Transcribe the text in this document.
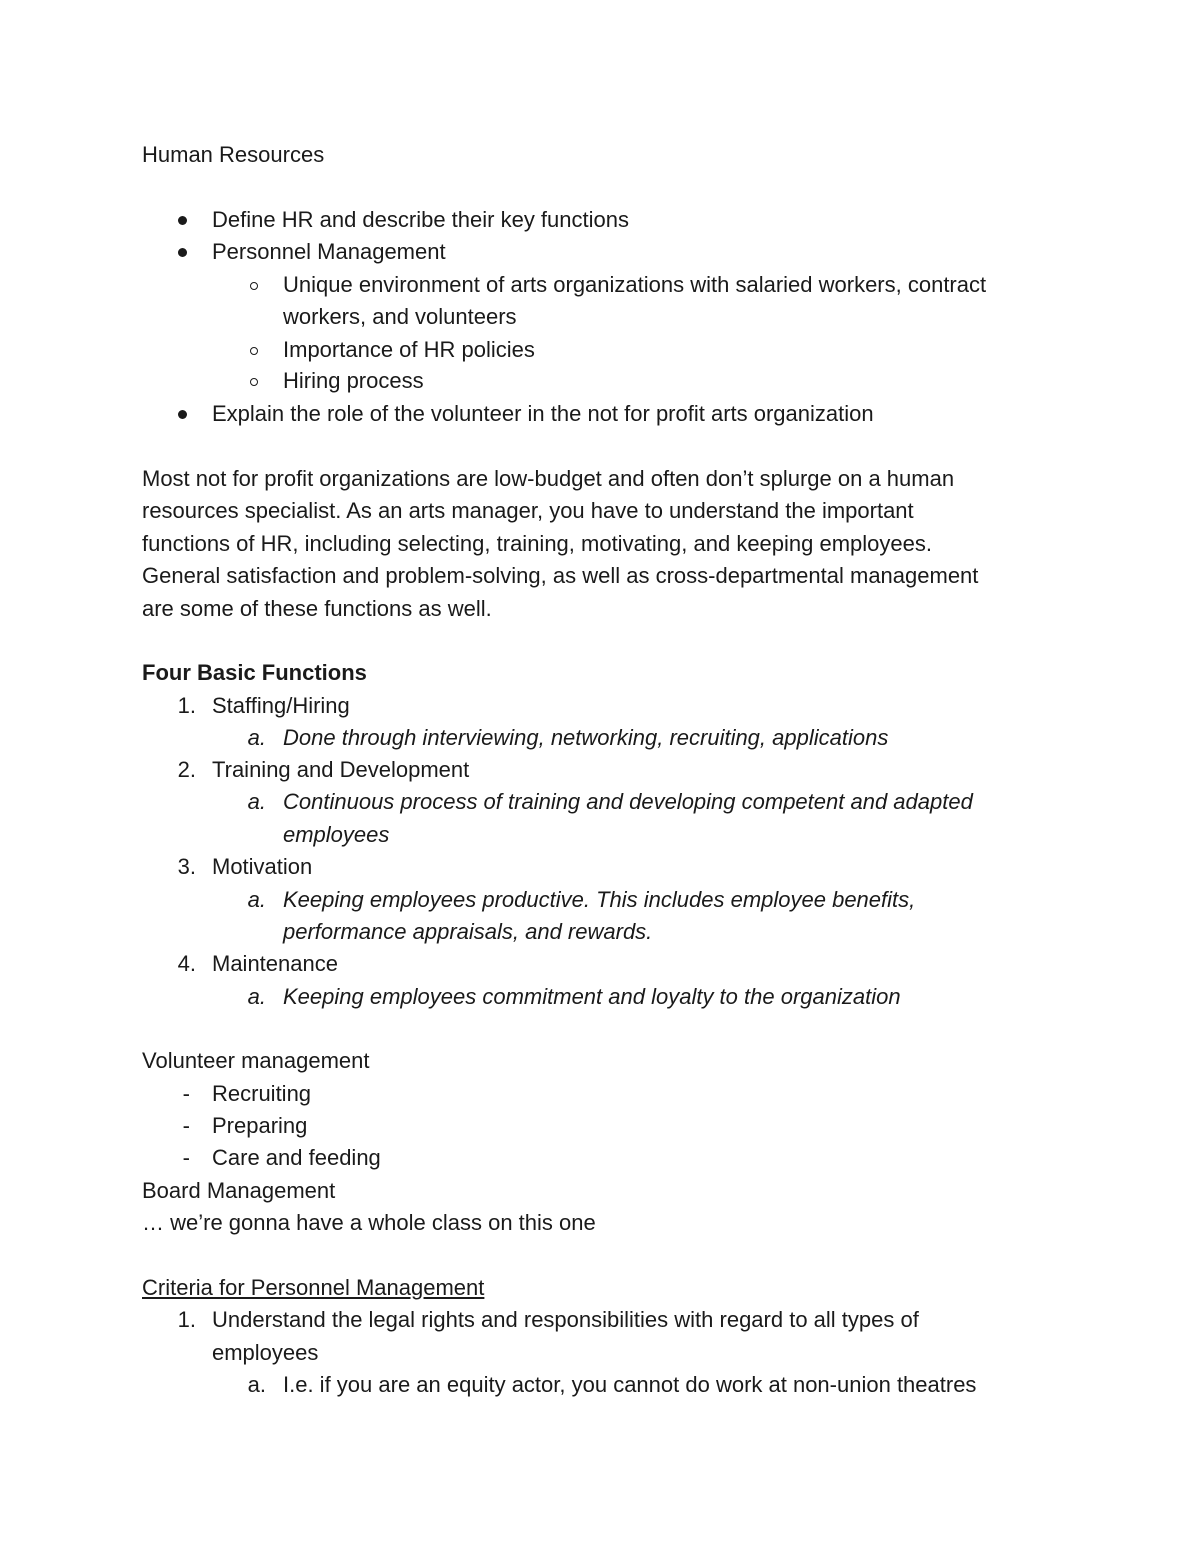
Human Resources
Define HR and describe their key functions
Personnel Management
Unique environment of arts organizations with salaried workers, contract
workers, and volunteers
Importance of HR policies
Hiring process
Explain the role of the volunteer in the not for profit arts organization
Most not for profit organizations are low-budget and often don’t splurge on a human
resources specialist. As an arts manager, you have to understand the important
functions of HR, including selecting, training, motivating, and keeping employees.
General satisfaction and problem-solving, as well as cross-departmental management
are some of these functions as well.
Four Basic Functions
1. Staffing/Hiring
a. Done through interviewing, networking, recruiting, applications
2. Training and Development
a. Continuous process of training and developing competent and adapted
employees
3. Motivation
a. Keeping employees productive. This includes employee benefits,
performance appraisals, and rewards.
4. Maintenance
a. Keeping employees commitment and loyalty to the organization
Volunteer management
- Recruiting
- Preparing
- Care and feeding
Board Management
… we’re gonna have a whole class on this one
Criteria for Personnel Management
1. Understand the legal rights and responsibilities with regard to all types of
employees
a. I.e. if you are an equity actor, you cannot do work at non-union theatres
